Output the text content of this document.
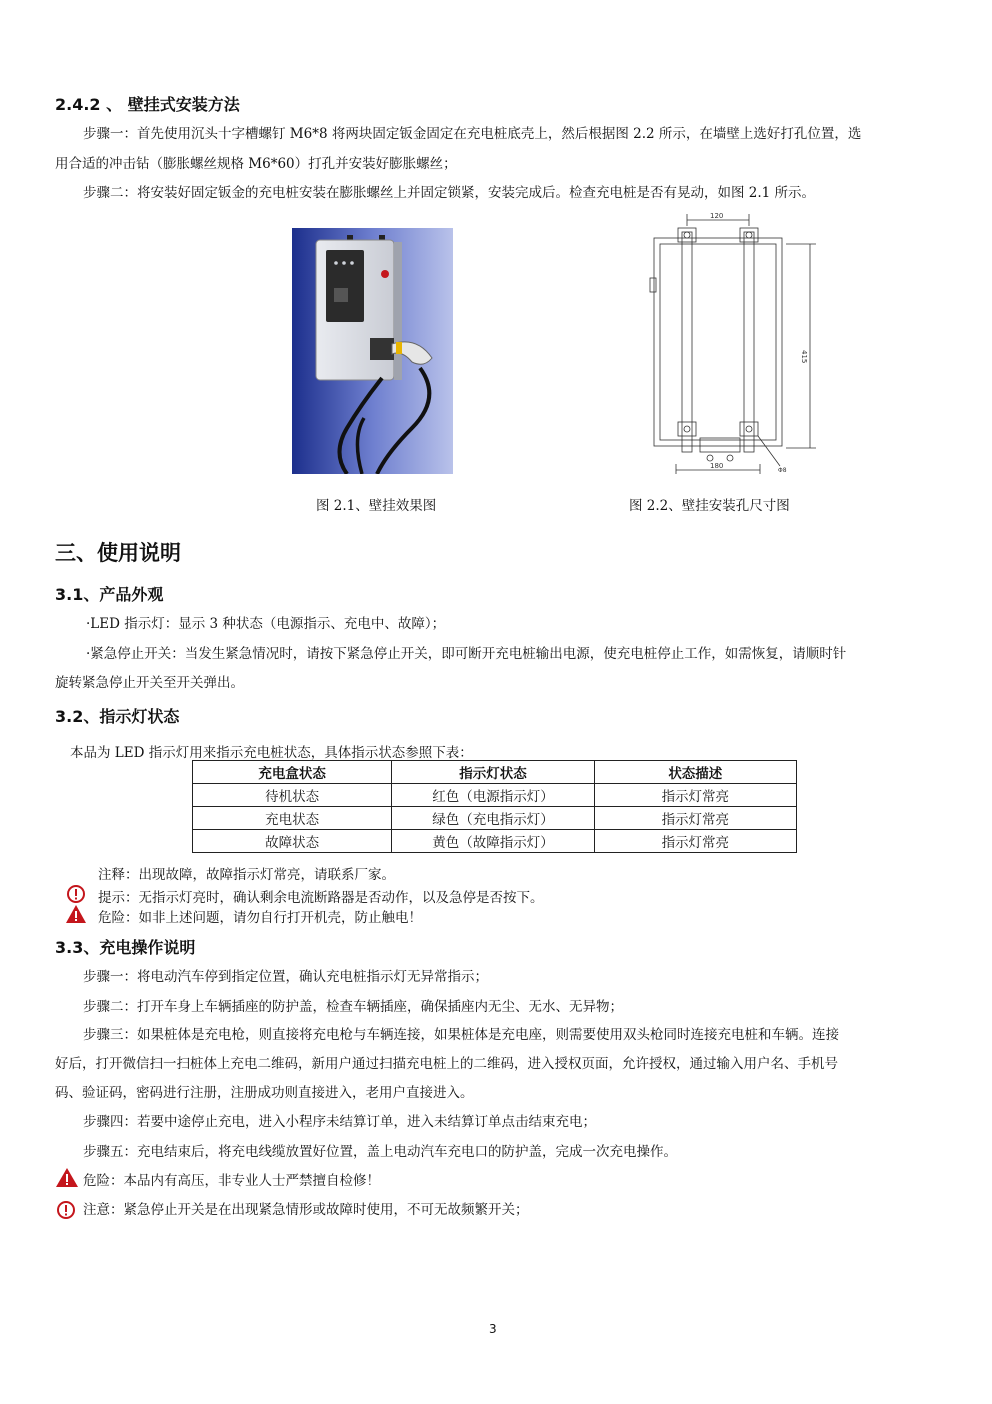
2.4.2 、 壁挂式安装方法
步骤一：首先使用沉头十字槽螺钉 M6*8 将两块固定钣金固定在充电桩底壳上，然后根据图 2.2 所示，在墙壁上选好打孔位置，选
用合适的冲击钻（膨胀螺丝规格 M6*60）打孔并安装好膨胀螺丝；
步骤二：将安装好固定钣金的充电桩安装在膨胀螺丝上并固定锁紧，安装完成后。检查充电桩是否有晃动，如图 2.1 所示。
图 2.1、壁挂效果图
120
180
415
Φ8
图 2.2、壁挂安装孔尺寸图
三、使用说明
3.1、产品外观
·LED 指示灯：显示 3 种状态（电源指示、充电中、故障）；
·紧急停止开关：当发生紧急情况时，请按下紧急停止开关，即可断开充电桩输出电源，使充电桩停止工作，如需恢复，请顺时针
旋转紧急停止开关至开关弹出。
3.2、指示灯状态
本品为 LED 指示灯用来指示充电桩状态，具体指示状态参照下表：
充电盒状态	指示灯状态	状态描述
待机状态	红色（电源指示灯）	指示灯常亮
充电状态	绿色（充电指示灯）	指示灯常亮
故障状态	黄色（故障指示灯）	指示灯常亮
注释：出现故障，故障指示灯常亮，请联系厂家。
提示：无指示灯亮时，确认剩余电流断路器是否动作，以及急停是否按下。
危险：如非上述问题，请勿自行打开机壳，防止触电！
3.3、充电操作说明
步骤一：将电动汽车停到指定位置，确认充电桩指示灯无异常指示；
步骤二：打开车身上车辆插座的防护盖，检查车辆插座，确保插座内无尘、无水、无异物；
步骤三：如果桩体是充电枪，则直接将充电枪与车辆连接，如果桩体是充电座，则需要使用双头枪同时连接充电桩和车辆。连接
好后，打开微信扫一扫桩体上充电二维码，新用户通过扫描充电桩上的二维码，进入授权页面，允许授权，通过输入用户名、手机号
码、验证码，密码进行注册，注册成功则直接进入，老用户直接进入。
步骤四：若要中途停止充电，进入小程序未结算订单，进入未结算订单点击结束充电；
步骤五：充电结束后，将充电线缆放置好位置，盖上电动汽车充电口的防护盖，完成一次充电操作。
危险：本品内有高压，非专业人士严禁擅自检修！
注意：紧急停止开关是在出现紧急情形或故障时使用，不可无故频繁开关；
3
